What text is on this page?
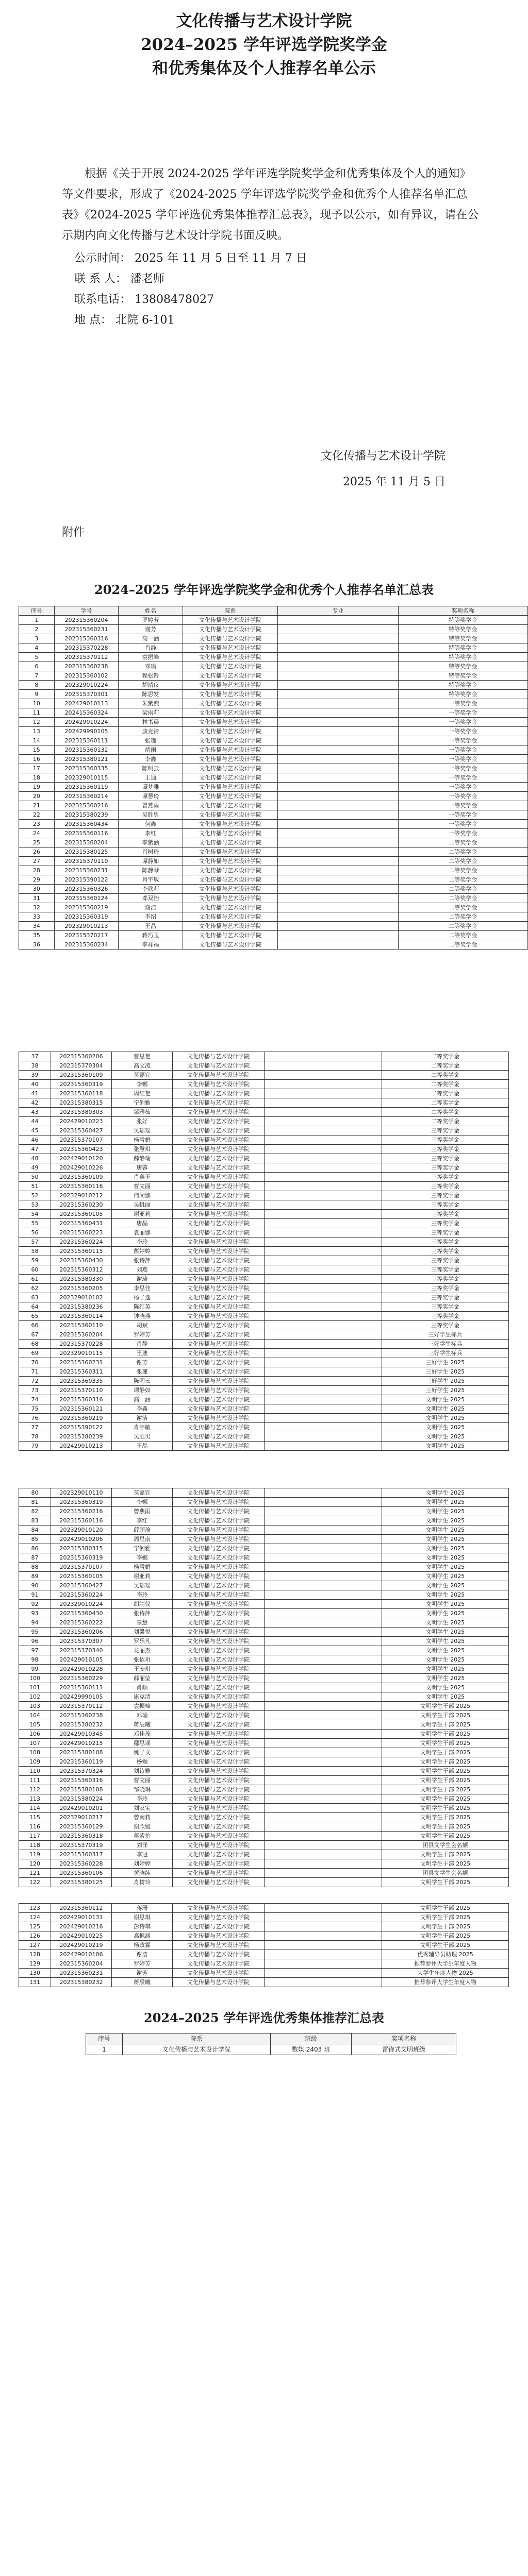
文化传播与艺术设计学院
2024–2025 学年评选学院奖学金
和优秀集体及个人推荐名单公示
根据《关于开展 2024-2025 学年评选学院奖学金和优秀集体及个人的通知》等文件要求，形成了《2024-2025 学年评选学院奖学金和优秀个人推荐名单汇总表》《2024-2025 学年评选优秀集体推荐汇总表》，现予以公示，如有异议，请在公示期内向文化传播与艺术设计学院书面反映。
公示时间： 2025 年 11 月 5 日至 11 月 7 日
联 系 人： 潘老师
联系电话： 13808478027
地 点： 北院 6-101
文化传播与艺术设计学院
2025 年 11 月 5 日
附件
2024–2025 学年评选学院奖学金和优秀个人推荐名单汇总表
序号	学号	姓名	院系	专业	奖项名称
1	202315360204	罗婷芳	文化传播与艺术设计学院		特等奖学金
2	202315360231	谢芳	文化传播与艺术设计学院		特等奖学金
3	202315360316	高一涵	文化传播与艺术设计学院		特等奖学金
4	202315370228	肖静	文化传播与艺术设计学院		特等奖学金
5	202315370112	袁振峰	文化传播与艺术设计学院		特等奖学金
6	202315360238	邓瑜	文化传播与艺术设计学院		特等奖学金
7	202315360102	程松铃	文化传播与艺术设计学院		特等奖学金
8	202329010224	胡靖仪	文化传播与艺术设计学院		特等奖学金
9	202315370301	陈思发	文化传播与艺术设计学院		特等奖学金
10	202429010113	朱紫煦	文化传播与艺术设计学院		一等奖学金
11	202415360324	梁雨莉	文化传播与艺术设计学院		一等奖学金
12	202429010224	林书晨	文化传播与艺术设计学院		一等奖学金
13	202429990105	康克清	文化传播与艺术设计学院		一等奖学金
14	202315360111	张瑾	文化传播与艺术设计学院		一等奖学金
15	202315360132	靖雨	文化传播与艺术设计学院		一等奖学金
16	202315380121	李鑫	文化传播与艺术设计学院		一等奖学金
17	202315360335	陈明云	文化传播与艺术设计学院		一等奖学金
18	202329010115	王迪	文化传播与艺术设计学院		一等奖学金
19	202315360119	谭梦雅	文化传播与艺术设计学院		一等奖学金
20	202315360214	谭慧玲	文化传播与艺术设计学院		一等奖学金
21	202315360216	曾燕雨	文化传播与艺术设计学院		一等奖学金
22	202315380239	吴胜男	文化传播与艺术设计学院		一等奖学金
23	202315360434	何鑫	文化传播与艺术设计学院		一等奖学金
24	202315360116	李红	文化传播与艺术设计学院		一等奖学金
25	202315360204	李紫涵	文化传播与艺术设计学院		二等奖学金
26	202315380125	肖树玲	文化传播与艺术设计学院		二等奖学金
27	202315370110	谭静如	文化传播与艺术设计学院		二等奖学金
28	202315360231	陈静琴	文化传播与艺术设计学院		二等奖学金
29	202315390122	肖宇敏	文化传播与艺术设计学院		二等奖学金
30	202315360326	李欣莉	文化传播与艺术设计学院		二等奖学金
31	202315360124	邓双怡	文化传播与艺术设计学院		二等奖学金
32	202315360219	谢洁	文化传播与艺术设计学院		二等奖学金
33	202315360319	李绍	文化传播与艺术设计学院		二等奖学金
34	202329010213	王晶	文化传播与艺术设计学院		二等奖学金
35	202315370217	蒋巧玉	文化传播与艺术设计学院		二等奖学金
36	202315360234	李祥福	文化传播与艺术设计学院		二等奖学金
37	202315360206	曹思艳	文化传播与艺术设计学院		二等奖学金
38	202315370304	高文凌	文化传播与艺术设计学院		二等奖学金
39	202315360109	莫嘉宜	文化传播与艺术设计学院		二等奖学金
40	202315360319	李娜	文化传播与艺术设计学院		二等奖学金
41	202315360118	周红艳	文化传播与艺术设计学院		二等奖学金
42	202315380315	宁俐雅	文化传播与艺术设计学院		二等奖学金
43	202315380303	邹雅茹	文化传播与艺术设计学院		二等奖学金
44	202429010223	张好	文化传播与艺术设计学院		二等奖学金
45	202315360427	吴瑶瑶	文化传播与艺术设计学院		三等奖学金
46	202315370107	杨雪娟	文化传播与艺术设计学院		三等奖学金
47	202315360423	张慧琪	文化传播与艺术设计学院		三等奖学金
48	202429010120	薛静瑜	文化传播与艺术设计学院		三等奖学金
49	202429010226	唐蓉	文化传播与艺术设计学院		三等奖学金
50	202315360109	肖鑫玉	文化传播与艺术设计学院		三等奖学金
51	202315360116	曹文丽	文化传播与艺术设计学院		三等奖学金
52	202329010212	何闵娜	文化传播与艺术设计学院		三等奖学金
53	202315360230	吴帆丽	文化传播与艺术设计学院		三等奖学金
54	202315360105	谢亚莉	文化传播与艺术设计学院		三等奖学金
55	202315360431	唐晶	文化传播与艺术设计学院		三等奖学金
56	202315360223	袁丽娜	文化传播与艺术设计学院		三等奖学金
57	202315360224	李玲	文化传播与艺术设计学院		三等奖学金
58	202315360115	彭婷婷	文化传播与艺术设计学院		三等奖学金
59	202315360430	张诗萍	文化传播与艺术设计学院		三等奖学金
60	202315360312	刘燕	文化传播与艺术设计学院		三等奖学金
61	202315380330	谢琦	文化传播与艺术设计学院		三等奖学金
62	202315360205	李思佳	文化传播与艺术设计学院		三等奖学金
63	202329010102	杨子逸	文化传播与艺术设计学院		三等奖学金
64	202315380236	陈红英	文化传播与艺术设计学院		三等奖学金
65	202315360114	钟晓燕	文化传播与艺术设计学院		三等奖学金
66	202315360110	胡斌	文化传播与艺术设计学院		三等奖学金
67	202315360204	罗婷芳	文化传播与艺术设计学院		三好学生标兵
68	202315370228	肖静	文化传播与艺术设计学院		三好学生标兵
69	202329010115	王迪	文化传播与艺术设计学院		三好学生标兵
70	202315360231	谢芳	文化传播与艺术设计学院		三好学生 2025
71	202315360311	张瑾	文化传播与艺术设计学院		三好学生 2025
72	202315360335	陈明云	文化传播与艺术设计学院		三好学生 2025
73	202315370110	谭静如	文化传播与艺术设计学院		三好学生 2025
74	202315360316	高一涵	文化传播与艺术设计学院		文明学生 2025
75	202315360121	李鑫	文化传播与艺术设计学院		文明学生 2025
76	202315360219	谢洁	文化传播与艺术设计学院		文明学生 2025
77	202315390122	肖宇敏	文化传播与艺术设计学院		文明学生 2025
78	202315380239	吴胜男	文化传播与艺术设计学院		文明学生 2025
79	202429010213	王晶	文化传播与艺术设计学院		文明学生 2025
80	202329010110	莫嘉宜	文化传播与艺术设计学院		文明学生 2025
81	202315360319	李娜	文化传播与艺术设计学院		文明学生 2025
82	202315360216	曾燕雨	文化传播与艺术设计学院		文明学生 2025
83	202315360116	李红	文化传播与艺术设计学院		文明学生 2025
84	202329010120	薛超瑜	文化传播与艺术设计学院		文明学生 2025
85	202429010206	周星南	文化传播与艺术设计学院		文明学生 2025
86	202315380315	宁俐雅	文化传播与艺术设计学院		文明学生 2025
87	202315360319	李娜	文化传播与艺术设计学院		文明学生 2025
88	202315370107	杨雪娟	文化传播与艺术设计学院		文明学生 2025
89	202315360105	谢亚莉	文化传播与艺术设计学院		文明学生 2025
90	202315360427	吴瑶瑶	文化传播与艺术设计学院		文明学生 2025
91	202315360224	李玲	文化传播与艺术设计学院		文明学生 2025
92	202329010224	胡靖仪	文化传播与艺术设计学院		文明学生 2025
93	202315360430	张诗萍	文化传播与艺术设计学院		文明学生 2025
94	202315360222	章慧	文化传播与艺术设计学院		文明学生 2025
95	202315360206	刘馨悦	文化传播与艺术设计学院		文明学生 2025
96	202315370307	罗乐凡	文化传播与艺术设计学院		文明学生 2025
97	202315370340	龙丽杰	文化传播与艺术设计学院		文明学生 2025
98	202429010105	张依玥	文化传播与艺术设计学院		文明学生 2025
99	202429010228	王安琪	文化传播与艺术设计学院		文明学生 2025
100	202315360229	薛丽莹	文化传播与艺术设计学院		文明学生 2025
101	202315360111	肖顺	文化传播与艺术设计学院		文明学生 2025
102	202429990105	康克清	文化传播与艺术设计学院		文明学生 2025
103	202315370112	袁振峰	文化传播与艺术设计学院		文明学生干部 2025
104	202315360238	邓瑜	文化传播与艺术设计学院		文明学生干部 2025
105	202315380232	蒋辰曦	文化传播与艺术设计学院		文明学生干部 2025
106	202429010345	邓佳茂	文化传播与艺术设计学院		文明学生干部 2025
107	202429010215	鄢思谣	文化传播与艺术设计学院		文明学生干部 2025
108	202315380108	姚子文	文化传播与艺术设计学院		文明学生干部 2025
109	202315360119	杨勉	文化传播与艺术设计学院		文明学生干部 2025
110	202315370324	刘诗雅	文化传播与艺术设计学院		文明学生干部 2025
111	202315360316	曹文丽	文化传播与艺术设计学院		文明学生干部 2025
112	202315380108	邹晓琳	文化传播与艺术设计学院		文明学生干部 2025
113	202315380224	李玲	文化传播与艺术设计学院		文明学生干部 2025
114	202429010201	刘家宝	文化传播与艺术设计学院		文明学生干部 2025
115	202329010217	曾南莉	文化传播与艺术设计学院		文明学生干部 2025
116	202315360129	谢欣媛	文化传播与艺术设计学院		文明学生干部 2025
117	202315360318	蒋紫怡	文化传播与艺术设计学院		文明学生干部 2025
118	202315370319	刘洋	文化传播与艺术设计学院		团县文学生会名额
119	202315360317	李冠	文化传播与艺术设计学院		文明学生干部 2025
120	202315360228	刘婷婷	文化传播与艺术设计学院		文明学生干部 2025
121	202315360106	黄晓纯	文化传播与艺术设计学院		团县文学生会名额
122	202315380125	肖树玲	文化传播与艺术设计学院		文明学生干部 2025
123	202315360112	蒋珊	文化传播与艺术设计学院		文明学生干部 2025
124	202429010131	谢思琪	文化传播与艺术设计学院		文明学生干部 2025
125	202429010216	彭诗琪	文化传播与艺术设计学院		文明学生干部 2025
126	202429010225	高枫涵	文化传播与艺术设计学院		文明学生干部 2025
127	202429010219	杨政霖	文化传播与艺术设计学院		文明学生干部 2025
128	202429010106	谢洁	文化传播与艺术设计学院		优秀辅导员助理 2025
129	202315360204	罗婷芳	文化传播与艺术设计学院		推荐参评大学生年度人物
130	202315360231	谢芳	文化传播与艺术设计学院		大学生年度人物 2025
131	202315380232	蒋辰曦	文化传播与艺术设计学院		推荐参评大学生年度人物
2024–2025 学年评选优秀集体推荐汇总表
序号	院系	班级	奖项名称
1	文化传播与艺术设计学院	数媒 2403 班	雷锋式文明班级
